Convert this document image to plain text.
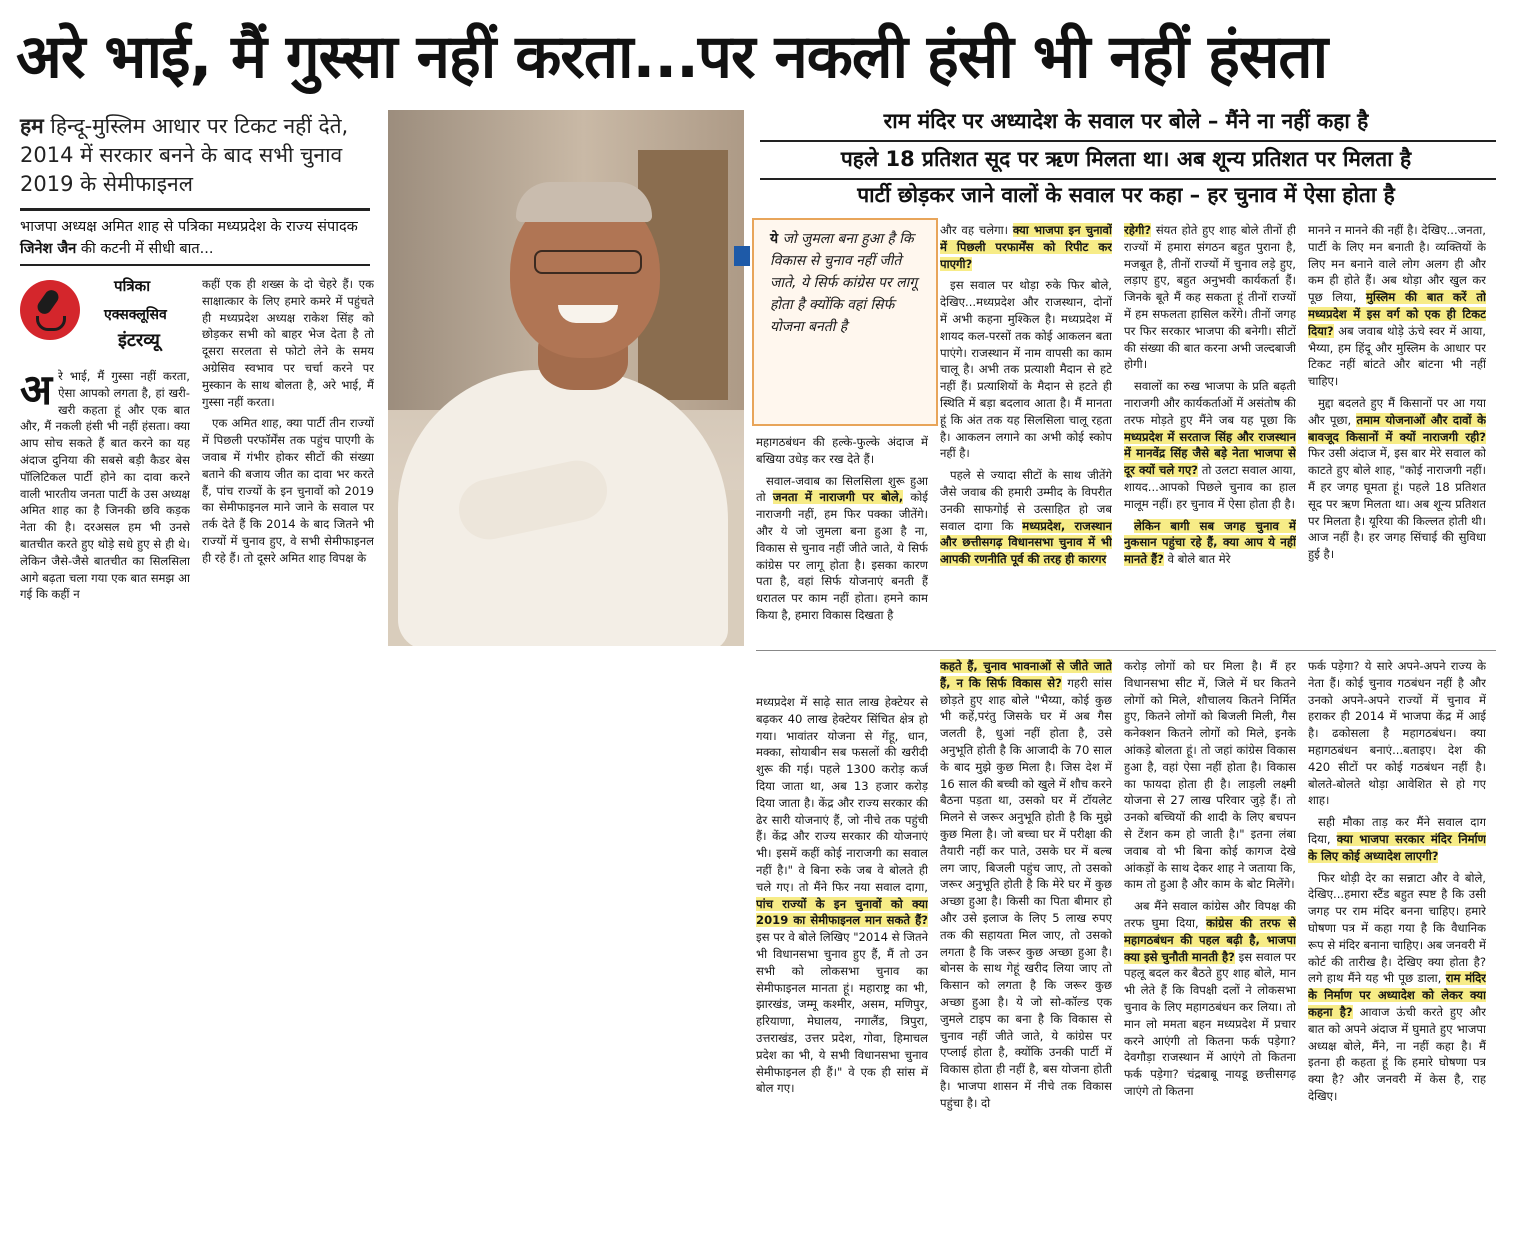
अरे भाई, मैं गुस्सा नहीं करता...पर नकली हंसी भी नहीं हंसता
हम हिन्दू-मुस्लिम आधार पर टिकट नहीं देते, 2014 में सरकार बनने के बाद सभी चुनाव 2019 के सेमीफाइनल
भाजपा अध्यक्ष अमित शाह से पत्रिका मध्यप्रदेश के राज्य संपादक जिनेश जैन की कटनी में सीधी बात...
पत्रिका
एक्सक्लूसिव
इंटरव्यू
अ रे भाई, मैं गुस्सा नहीं करता, ऐसा आपको लगता है, हां खरी-खरी कहता हूं और एक बात और, मैं नकली हंसी भी नहीं हंसता। क्या आप सोच सकते हैं बात करने का यह अंदाज दुनिया की सबसे बड़ी कैडर बेस पॉलिटिकल पार्टी होने का दावा करने वाली भारतीय जनता पार्टी के उस अध्यक्ष अमित शाह का है जिनकी छवि कड़क नेता की है। दरअसल हम भी उनसे बातचीत करते हुए थोड़े सधे हुए से ही थे। लेकिन जैसे-जैसे बातचीत का सिलसिला आगे बढ़ता चला गया एक बात समझ आ गई कि कहीं न

कहीं एक ही शख्स के दो चेहरे हैं। एक साक्षात्कार के लिए हमारे कमरे में पहुंचते ही मध्यप्रदेश अध्यक्ष राकेश सिंह को छोड़कर सभी को बाहर भेज देता है तो दूसरा सरलता से फोटो लेने के समय अग्रेसिव स्वभाव पर चर्चा करने पर मुस्कान के साथ बोलता है, अरे भाई, मैं गुस्सा नहीं करता।

एक अमित शाह, क्या पार्टी तीन राज्यों में पिछली परफॉर्मेंस तक पहुंच पाएगी के जवाब में गंभीर होकर सीटों की संख्या बताने की बजाय जीत का दावा भर करते हैं, पांच राज्यों के इन चुनावों को 2019 का सेमीफाइनल माने जाने के सवाल पर तर्क देते हैं कि 2014 के बाद जितने भी राज्यों में चुनाव हुए, वे सभी सेमीफाइनल ही रहे हैं। तो दूसरे अमित शाह विपक्ष के

राम मंदिर पर अध्यादेश के सवाल पर बोले – मैंने ना नहीं कहा है
पहले 18 प्रतिशत सूद पर ऋण मिलता था। अब शून्य प्रतिशत पर मिलता है
पार्टी छोड़कर जाने वालों के सवाल पर कहा – हर चुनाव में ऐसा होता है
ये जो जुमला बना हुआ है कि विकास से चुनाव नहीं जीते जाते, ये सिर्फ कांग्रेस पर लागू होता है क्योंकि वहां सिर्फ योजना बनती है

महागठबंधन की हल्के-फुल्के अंदाज में बखिया उधेड़ कर रख देते हैं।

सवाल-जवाब का सिलसिला शुरू हुआ तो जनता में नाराजगी पर बोले, कोई नाराजगी नहीं, हम फिर पक्का जीतेंगे। और ये जो जुमला बना हुआ है ना, विकास से चुनाव नहीं जीते जाते, ये सिर्फ कांग्रेस पर लागू होता है। इसका कारण पता है, वहां सिर्फ योजनाएं बनती हैं धरातल पर काम नहीं होता। हमने काम किया है, हमारा विकास दिखता है

और वह चलेगा। क्या भाजपा इन चुनावों में पिछली परफार्मेंस को रिपीट कर पाएगी?

इस सवाल पर थोड़ा रुके फिर बोले, देखिए...मध्यप्रदेश और राजस्थान, दोनों में अभी कहना मुश्किल है। मध्यप्रदेश में शायद कल-परसों तक कोई आकलन बता पाएंगे। राजस्थान में नाम वापसी का काम चालू है। अभी तक प्रत्याशी मैदान से हटे नहीं हैं। प्रत्याशियों के मैदान से हटते ही स्थिति में बड़ा बदलाव आता है। मैं मानता हूं कि अंत तक यह सिलसिला चालू रहता है। आकलन लगाने का अभी कोई स्कोप नहीं है।

पहले से ज्यादा सीटों के साथ जीतेंगे जैसे जवाब की हमारी उम्मीद के विपरीत उनकी साफगोई से उत्साहित हो जब सवाल दागा कि मध्यप्रदेश, राजस्थान और छत्तीसगढ़ विधानसभा चुनाव में भी आपकी रणनीति पूर्व की तरह ही कारगर

रहेगी? संयत होते हुए शाह बोले तीनों ही राज्यों में हमारा संगठन बहुत पुराना है, मजबूत है, तीनों राज्यों में चुनाव लड़े हुए, लड़ाए हुए, बहुत अनुभवी कार्यकर्ता हैं। जिनके बूते मैं कह सकता हूं तीनों राज्यों में हम सफलता हासिल करेंगे। तीनों जगह पर फिर सरकार भाजपा की बनेगी। सीटों की संख्या की बात करना अभी जल्दबाजी होगी।

सवालों का रुख भाजपा के प्रति बढ़ती नाराजगी और कार्यकर्ताओं में असंतोष की तरफ मोड़ते हुए मैंने जब यह पूछा कि मध्यप्रदेश में सरताज सिंह और राजस्थान में मानवेंद्र सिंह जैसे बड़े नेता भाजपा से दूर क्यों चले गए? तो उलटा सवाल आया, शायद...आपको पिछले चुनाव का हाल मालूम नहीं। हर चुनाव में ऐसा होता ही है।

लेकिन बागी सब जगह चुनाव में नुकसान पहुंचा रहे हैं, क्या आप ये नहीं मानते हैं? वे बोले बात मेरे

मानने न मानने की नहीं है। देखिए...जनता, पार्टी के लिए मन बनाती है। व्यक्तियों के लिए मन बनाने वाले लोग अलग ही और कम ही होते हैं। अब थोड़ा और खुल कर पूछ लिया, मुस्लिम की बात करें तो मध्यप्रदेश में इस वर्ग को एक ही टिकट दिया? अब जवाब थोड़े ऊंचे स्वर में आया, भैय्या, हम हिंदू और मुस्लिम के आधार पर टिकट नहीं बांटते और बांटना भी नहीं चाहिए।

मुद्दा बदलते हुए मैं किसानों पर आ गया और पूछा, तमाम योजनाओं और दावों के बावजूद किसानों में क्यों नाराजगी रही? फिर उसी अंदाज में, इस बार मेरे सवाल को काटते हुए बोले शाह, "कोई नाराजगी नहीं। मैं हर जगह घूमता हूं। पहले 18 प्रतिशत सूद पर ऋण मिलता था। अब शून्य प्रतिशत पर मिलता है। यूरिया की किल्लत होती थी। आज नहीं है। हर जगह सिंचाई की सुविधा हुई है।

मध्यप्रदेश में साढ़े सात लाख हेक्टेयर से बढ़कर 40 लाख हेक्टेयर सिंचित क्षेत्र हो गया। भावांतर योजना से गेंहू, धान, मक्का, सोयाबीन सब फसलों की खरीदी शुरू की गई। पहले 1300 करोड़ कर्ज दिया जाता था, अब 13 हजार करोड़ दिया जाता है। केंद्र और राज्य सरकार की ढेर सारी योजनाएं हैं, जो नीचे तक पहुंची हैं। केंद्र और राज्य सरकार की योजनाएं भी। इसमें कहीं कोई नाराजगी का सवाल नहीं है।" वे बिना रुके जब वे बोलते ही चले गए। तो मैंने फिर नया सवाल दागा, पांच राज्यों के इन चुनावों को क्या 2019 का सेमीफाइनल मान सकते हैं? इस पर वे बोले लिखिए "2014 से जितने भी विधानसभा चुनाव हुए हैं, मैं तो उन सभी को लोकसभा चुनाव का सेमीफाइनल मानता हूं। महाराष्ट्र का भी, झारखंड, जम्मू कश्मीर, असम, मणिपुर, हरियाणा, मेघालय, नगालैंड, त्रिपुरा, उत्तराखंड, उत्तर प्रदेश, गोवा, हिमाचल प्रदेश का भी, ये सभी विधानसभा चुनाव सेमीफाइनल ही हैं।" वे एक ही सांस में बोल गए।

कहते हैं, चुनाव भावनाओं से जीते जाते हैं, न कि सिर्फ विकास से? गहरी सांस छोड़ते हुए शाह बोले "भैय्या, कोई कुछ भी कहें,परंतु जिसके घर में अब गैस जलती है, धुआं नहीं होता है, उसे अनुभूति होती है कि आजादी के 70 साल के बाद मुझे कुछ मिला है। जिस देश में 16 साल की बच्ची को खुले में शौच करने बैठना पड़ता था, उसको घर में टॉयलेट मिलने से जरूर अनुभूति होती है कि मुझे कुछ मिला है। जो बच्चा घर में परीक्षा की तैयारी नहीं कर पाते, उसके घर में बल्ब लग जाए, बिजली पहुंच जाए, तो उसको जरूर अनुभूति होती है कि मेरे घर में कुछ अच्छा हुआ है। किसी का पिता बीमार हो और उसे इलाज के लिए 5 लाख रुपए तक की सहायता मिल जाए, तो उसको लगता है कि जरूर कुछ अच्छा हुआ है। बोनस के साथ गेहूं खरीद लिया जाए तो किसान को लगता है कि जरूर कुछ अच्छा हुआ है। ये जो सो-कॉल्ड एक जुमले टाइप का बना है कि विकास से चुनाव नहीं जीते जाते, ये कांग्रेस पर एप्लाई होता है, क्योंकि उनकी पार्टी में विकास होता ही नहीं है, बस योजना होती है। भाजपा शासन में नीचे तक विकास पहुंचा है। दो

करोड़ लोगों को घर मिला है। मैं हर विधानसभा सीट में, जिले में घर कितने लोगों को मिले, शौचालय कितने निर्मित हुए, कितने लोगों को बिजली मिली, गैस कनेक्शन कितने लोगों को मिले, इनके आंकड़े बोलता हूं। तो जहां कांग्रेस विकास हुआ है, वहां ऐसा नहीं होता है। विकास का फायदा होता ही है। लाड़ली लक्ष्मी योजना से 27 लाख परिवार जुड़े हैं। तो उनको बच्चियों की शादी के लिए बचपन से टेंशन कम हो जाती है।" इतना लंबा जवाब वो भी बिना कोई कागज देखे आंकड़ों के साथ देकर शाह ने जताया कि, काम तो हुआ है और काम के बोट मिलेंगे।

अब मैंने सवाल कांग्रेस और विपक्ष की तरफ घुमा दिया, कांग्रेस की तरफ से महागठबंधन की पहल बढ़ी है, भाजपा क्या इसे चुनौती मानती है? इस सवाल पर पहलू बदल कर बैठते हुए शाह बोले, मान भी लेते हैं कि विपक्षी दलों ने लोकसभा चुनाव के लिए महागठबंधन कर लिया। तो मान लो ममता बहन मध्यप्रदेश में प्रचार करने आएंगी तो कितना फर्क पड़ेगा? देवगौड़ा राजस्थान में आएंगे तो कितना फर्क पड़ेगा? चंद्रबाबू नायडू छत्तीसगढ़ जाएंगे तो कितना

फर्क पड़ेगा? ये सारे अपने-अपने राज्य के नेता हैं। कोई चुनाव गठबंधन नहीं है और उनको अपने-अपने राज्यों में चुनाव में हराकर ही 2014 में भाजपा केंद्र में आई है। ढकोसला है महागठबंधन। क्या महागठबंधन बनाएं...बताइए। देश की 420 सीटों पर कोई गठबंधन नहीं है। बोलते-बोलते थोड़ा आवेशित से हो गए शाह।

सही मौका ताड़ कर मैंने सवाल दाग दिया, क्या भाजपा सरकार मंदिर निर्माण के लिए कोई अध्यादेश लाएगी?

फिर थोड़ी देर का सन्नाटा और वे बोले, देखिए...हमारा स्टैंड बहुत स्पष्ट है कि उसी जगह पर राम मंदिर बनना चाहिए। हमारे घोषणा पत्र में कहा गया है कि वैधानिक रूप से मंदिर बनाना चाहिए। अब जनवरी में कोर्ट की तारीख है। देखिए क्या होता है? लगे हाथ मैंने यह भी पूछ डाला, राम मंदिर के निर्माण पर अध्यादेश को लेकर क्या कहना है? आवाज ऊंची करते हुए और बात को अपने अंदाज में घुमाते हुए भाजपा अध्यक्ष बोले, मैंने, ना नहीं कहा है। मैं इतना ही कहता हूं कि हमारे घोषणा पत्र क्या है? और जनवरी में केस है, राह देखिए।
